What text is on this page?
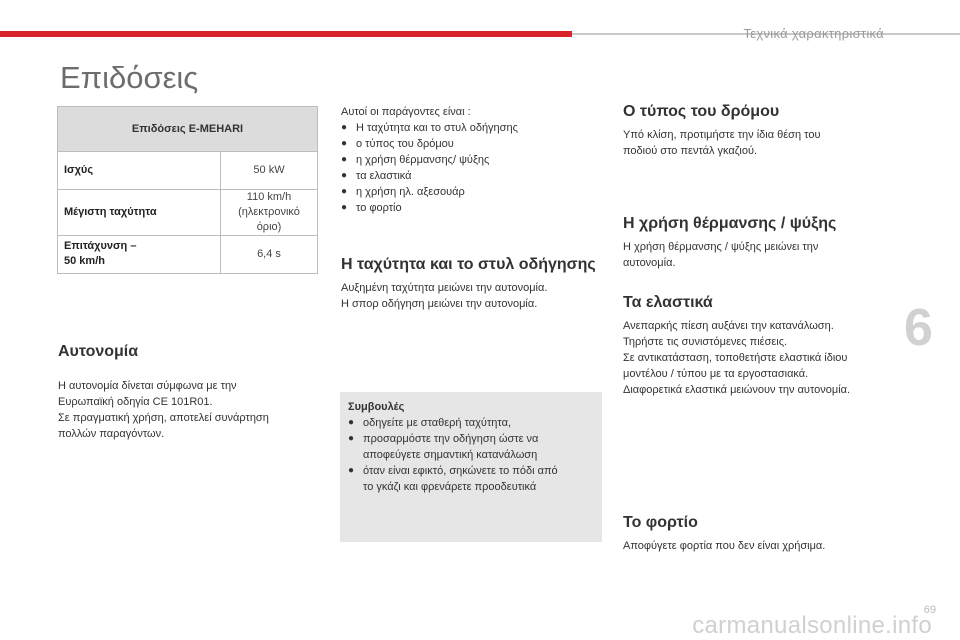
Τεχνικά χαρακτηριστικά
Επιδόσεις
Επιδόσεις E-MEHARI	
Ισχύς	50 kW
Μέγιστη ταχύτητα	110 km/h
(ηλεκτρονικό όριο)

Επιτάχυνση –
50 km/h	6,4 s
Αυτονομία
Η αυτονομία δίνεται σύμφωνα με την
Ευρωπαϊκή οδηγία CE 101R01.
Σε πραγματική χρήση, αποτελεί συνάρτηση
πολλών παραγόντων.
Αυτοί οι παράγοντες είναι :
● Η ταχύτητα και το στυλ οδήγησης
● ο τύπος του δρόμου
● η χρήση θέρμανσης/ ψύξης
● τα ελαστικά
● η χρήση ηλ. αξεσουάρ
● το φορτίο
Η ταχύτητα και το στυλ οδήγησης
Αυξημένη ταχύτητα μειώνει την αυτονομία.
Η σπορ οδήγηση μειώνει την αυτονομία.
Συμβουλές
● οδηγείτε με σταθερή ταχύτητα,
● προσαρμόστε την οδήγηση ώστε να
αποφεύγετε σημαντική κατανάλωση
● όταν είναι εφικτό, σηκώνετε το πόδι από
το γκάζι και φρενάρετε προοδευτικά
Ο τύπος του δρόμου
Υπό κλίση, προτιμήστε την ίδια θέση του
ποδιού στο πεντάλ γκαζιού.
Η χρήση θέρμανσης / ψύξης
Η χρήση θέρμανσης / ψύξης μειώνει την
αυτονομία.
Τα ελαστικά
Ανεπαρκής πίεση αυξάνει την κατανάλωση.
Τηρήστε τις συνιστόμενες πιέσεις.
Σε αντικατάσταση, τοποθετήστε ελαστικά ίδιου
μοντέλου / τύπου με τα εργοστασιακά.
Διαφορετικά ελαστικά μειώνουν την αυτονομία.
Το φορτίο
Αποφύγετε φορτία που δεν είναι χρήσιμα.
6
69
carmanualsonline.info
